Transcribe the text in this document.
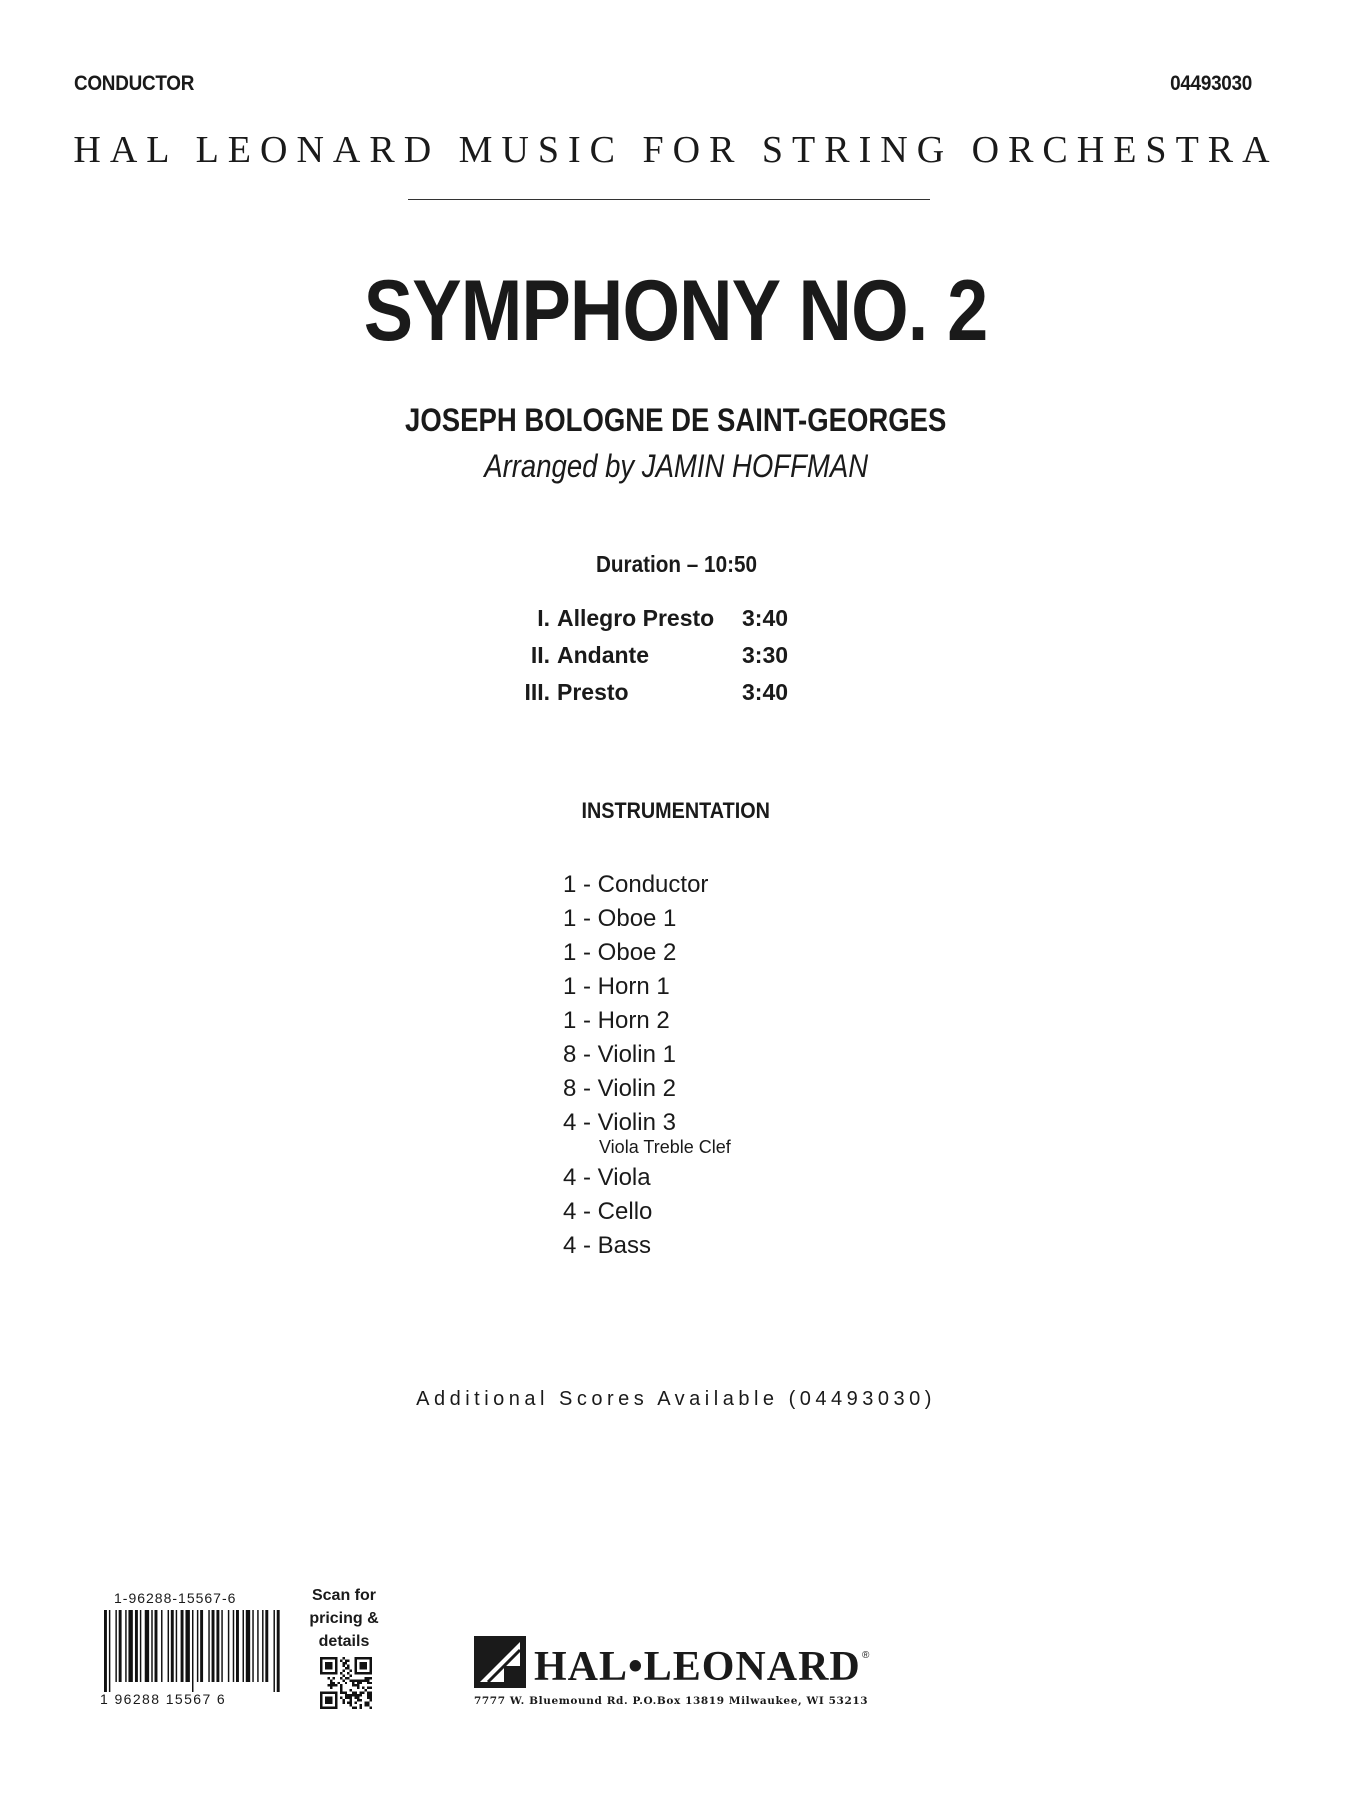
CONDUCTOR	04493030
HAL LEONARD MUSIC FOR STRING ORCHESTRA
SYMPHONY NO. 2
JOSEPH BOLOGNE DE SAINT-GEORGES
Arranged by JAMIN HOFFMAN
Duration – 10:50
I. Allegro Presto 3:40
II. Andante	3:30
III. Presto	3:40
INSTRUMENTATION
1 - Conductor
1 - Oboe 1
1 - Oboe 2
1 - Horn 1
1 - Horn 2
8 - Violin 1
8 - Violin 2
4 - Violin 3
Viola Treble Clef
4 - Viola
4 - Cello
4 - Bass
Additional Scores Available (04493030)
1-96288-15567-6
1 96288 15567 6
Scan for pricing & details
HAL•LEONARD ®
7777 W. Bluemound Rd. P.O.Box 13819 Milwaukee, WI 53213
